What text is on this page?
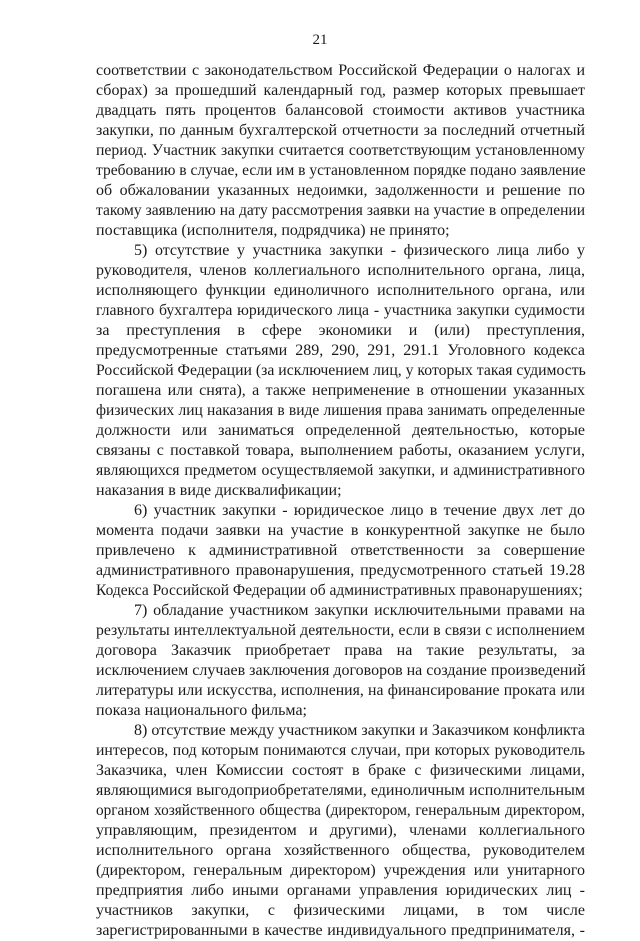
21
соответствии с законодательством Российской Федерации о налогах и
сборах) за прошедший календарный год, размер которых превышает
двадцать пять процентов балансовой стоимости активов участника
закупки, по данным бухгалтерской отчетности за последний отчетный
период. Участник закупки считается соответствующим установленному
требованию в случае, если им в установленном порядке подано заявление
об обжаловании указанных недоимки, задолженности и решение по
такому заявлению на дату рассмотрения заявки на участие в определении
поставщика (исполнителя, подрядчика) не принято;
5) отсутствие у участника закупки - физического лица либо у
руководителя, членов коллегиального исполнительного органа, лица,
исполняющего функции единоличного исполнительного органа, или
главного бухгалтера юридического лица - участника закупки судимости
за преступления в сфере экономики и (или) преступления,
предусмотренные статьями 289, 290, 291, 291.1 Уголовного кодекса
Российской Федерации (за исключением лиц, у которых такая судимость
погашена или снята), а также неприменение в отношении указанных
физических лиц наказания в виде лишения права занимать определенные
должности или заниматься определенной деятельностью, которые
связаны с поставкой товара, выполнением работы, оказанием услуги,
являющихся предметом осуществляемой закупки, и административного
наказания в виде дисквалификации;
6) участник закупки - юридическое лицо в течение двух лет до
момента подачи заявки на участие в конкурентной закупке не было
привлечено к административной ответственности за совершение
административного правонарушения, предусмотренного статьей 19.28
Кодекса Российской Федерации об административных правонарушениях;
7) обладание участником закупки исключительными правами на
результаты интеллектуальной деятельности, если в связи с исполнением
договора Заказчик приобретает права на такие результаты, за
исключением случаев заключения договоров на создание произведений
литературы или искусства, исполнения, на финансирование проката или
показа национального фильма;
8) отсутствие между участником закупки и Заказчиком конфликта
интересов, под которым понимаются случаи, при которых руководитель
Заказчика, член Комиссии состоят в браке с физическими лицами,
являющимися выгодоприобретателями, единоличным исполнительным
органом хозяйственного общества (директором, генеральным директором,
управляющим, президентом и другими), членами коллегиального
исполнительного органа хозяйственного общества, руководителем
(директором, генеральным директором) учреждения или унитарного
предприятия либо иными органами управления юридических лиц -
участников закупки, с физическими лицами, в том числе
зарегистрированными в качестве индивидуального предпринимателя, -
